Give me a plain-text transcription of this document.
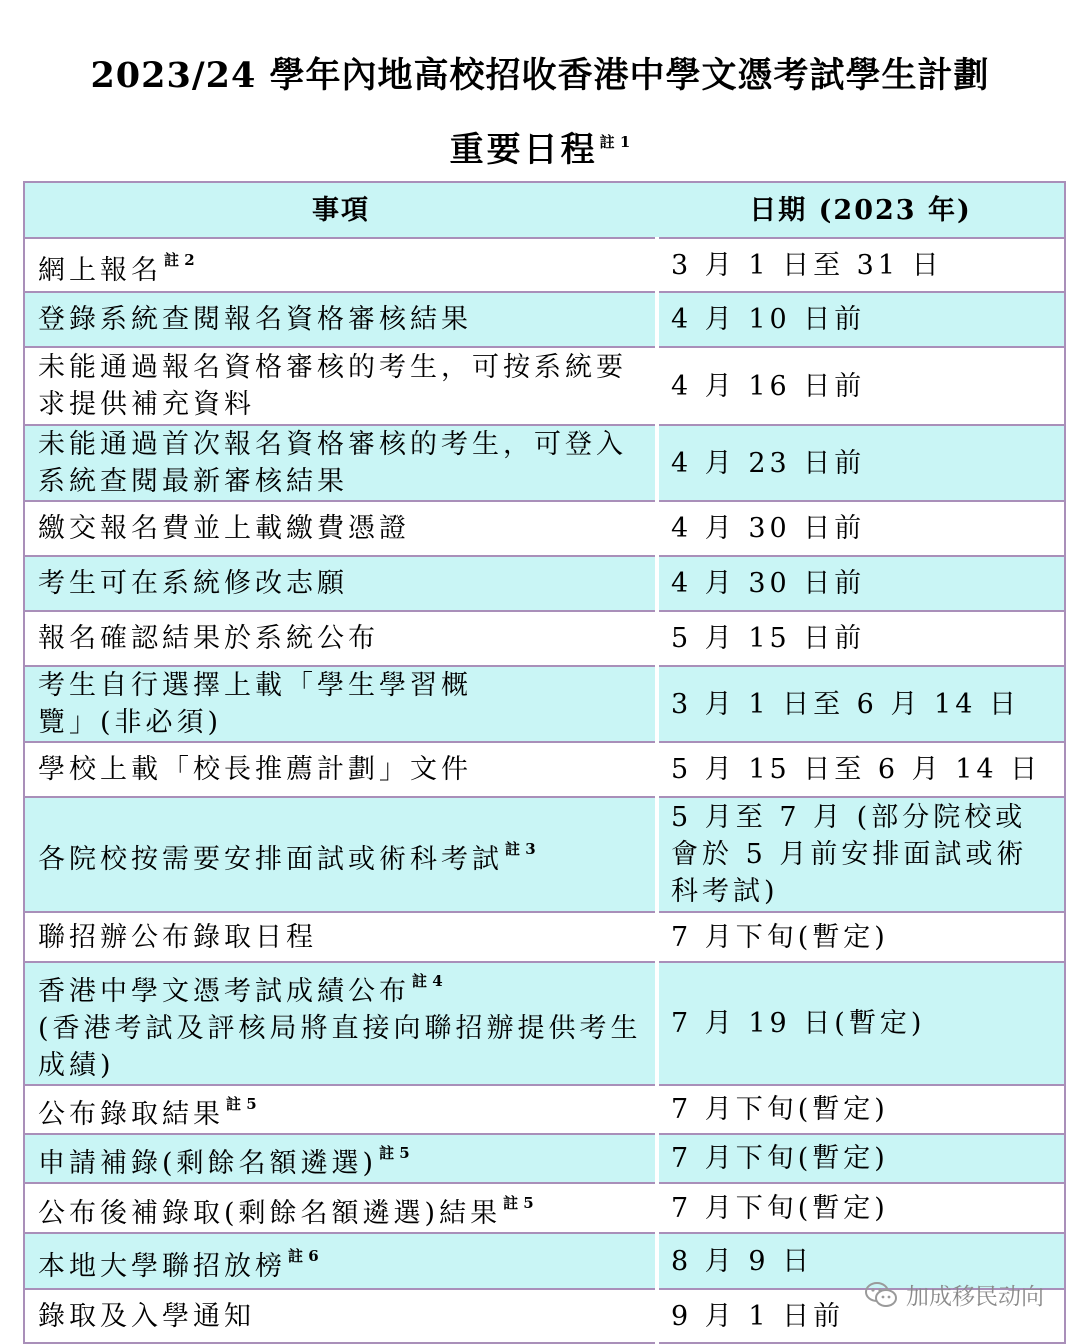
2023/24 學年內地高校招收香港中學文憑考試學生計劃
重要日程 $^{註 1}$
事項	日期 (2023 年)
網上報名 $^{註 2}$	3 月 1 日至 31 日
登錄系統查閱報名資格審核結果	4 月 10 日前
未能通過報名資格審核的考生，可按系統要求提供補充資料	4 月 16 日前
未能通過首次報名資格審核的考生，可登入系統查閱最新審核結果	4 月 23 日前
繳交報名費並上載繳費憑證	4 月 30 日前
考生可在系統修改志願	4 月 30 日前
報名確認結果於系統公布	5 月 15 日前
考生自行選擇上載「學生學習概覽」(非必須)	3 月 1 日至 6 月 14 日
學校上載「校長推薦計劃」文件	5 月 15 日至 6 月 14 日
各院校按需要安排面試或術科考試 $^{註 3}$	5 月至 7 月 (部分院校或會於 5 月前安排面試或術科考試)
聯招辦公布錄取日程	7 月下旬(暫定)
香港中學文憑考試成績公布 $^{註 4}$
(香港考試及評核局將直接向聯招辦提供考生成績)	7 月 19 日(暫定)
公布錄取結果 $^{註 5}$	7 月下旬(暫定)
申請補錄(剩餘名額遴選) $^{註 5}$	7 月下旬(暫定)
公布後補錄取(剩餘名額遴選)結果 $^{註 5}$	7 月下旬(暫定)
本地大學聯招放榜 $^{註 6}$	8 月 9 日
錄取及入學通知	9 月 1 日前
加成移民动向
